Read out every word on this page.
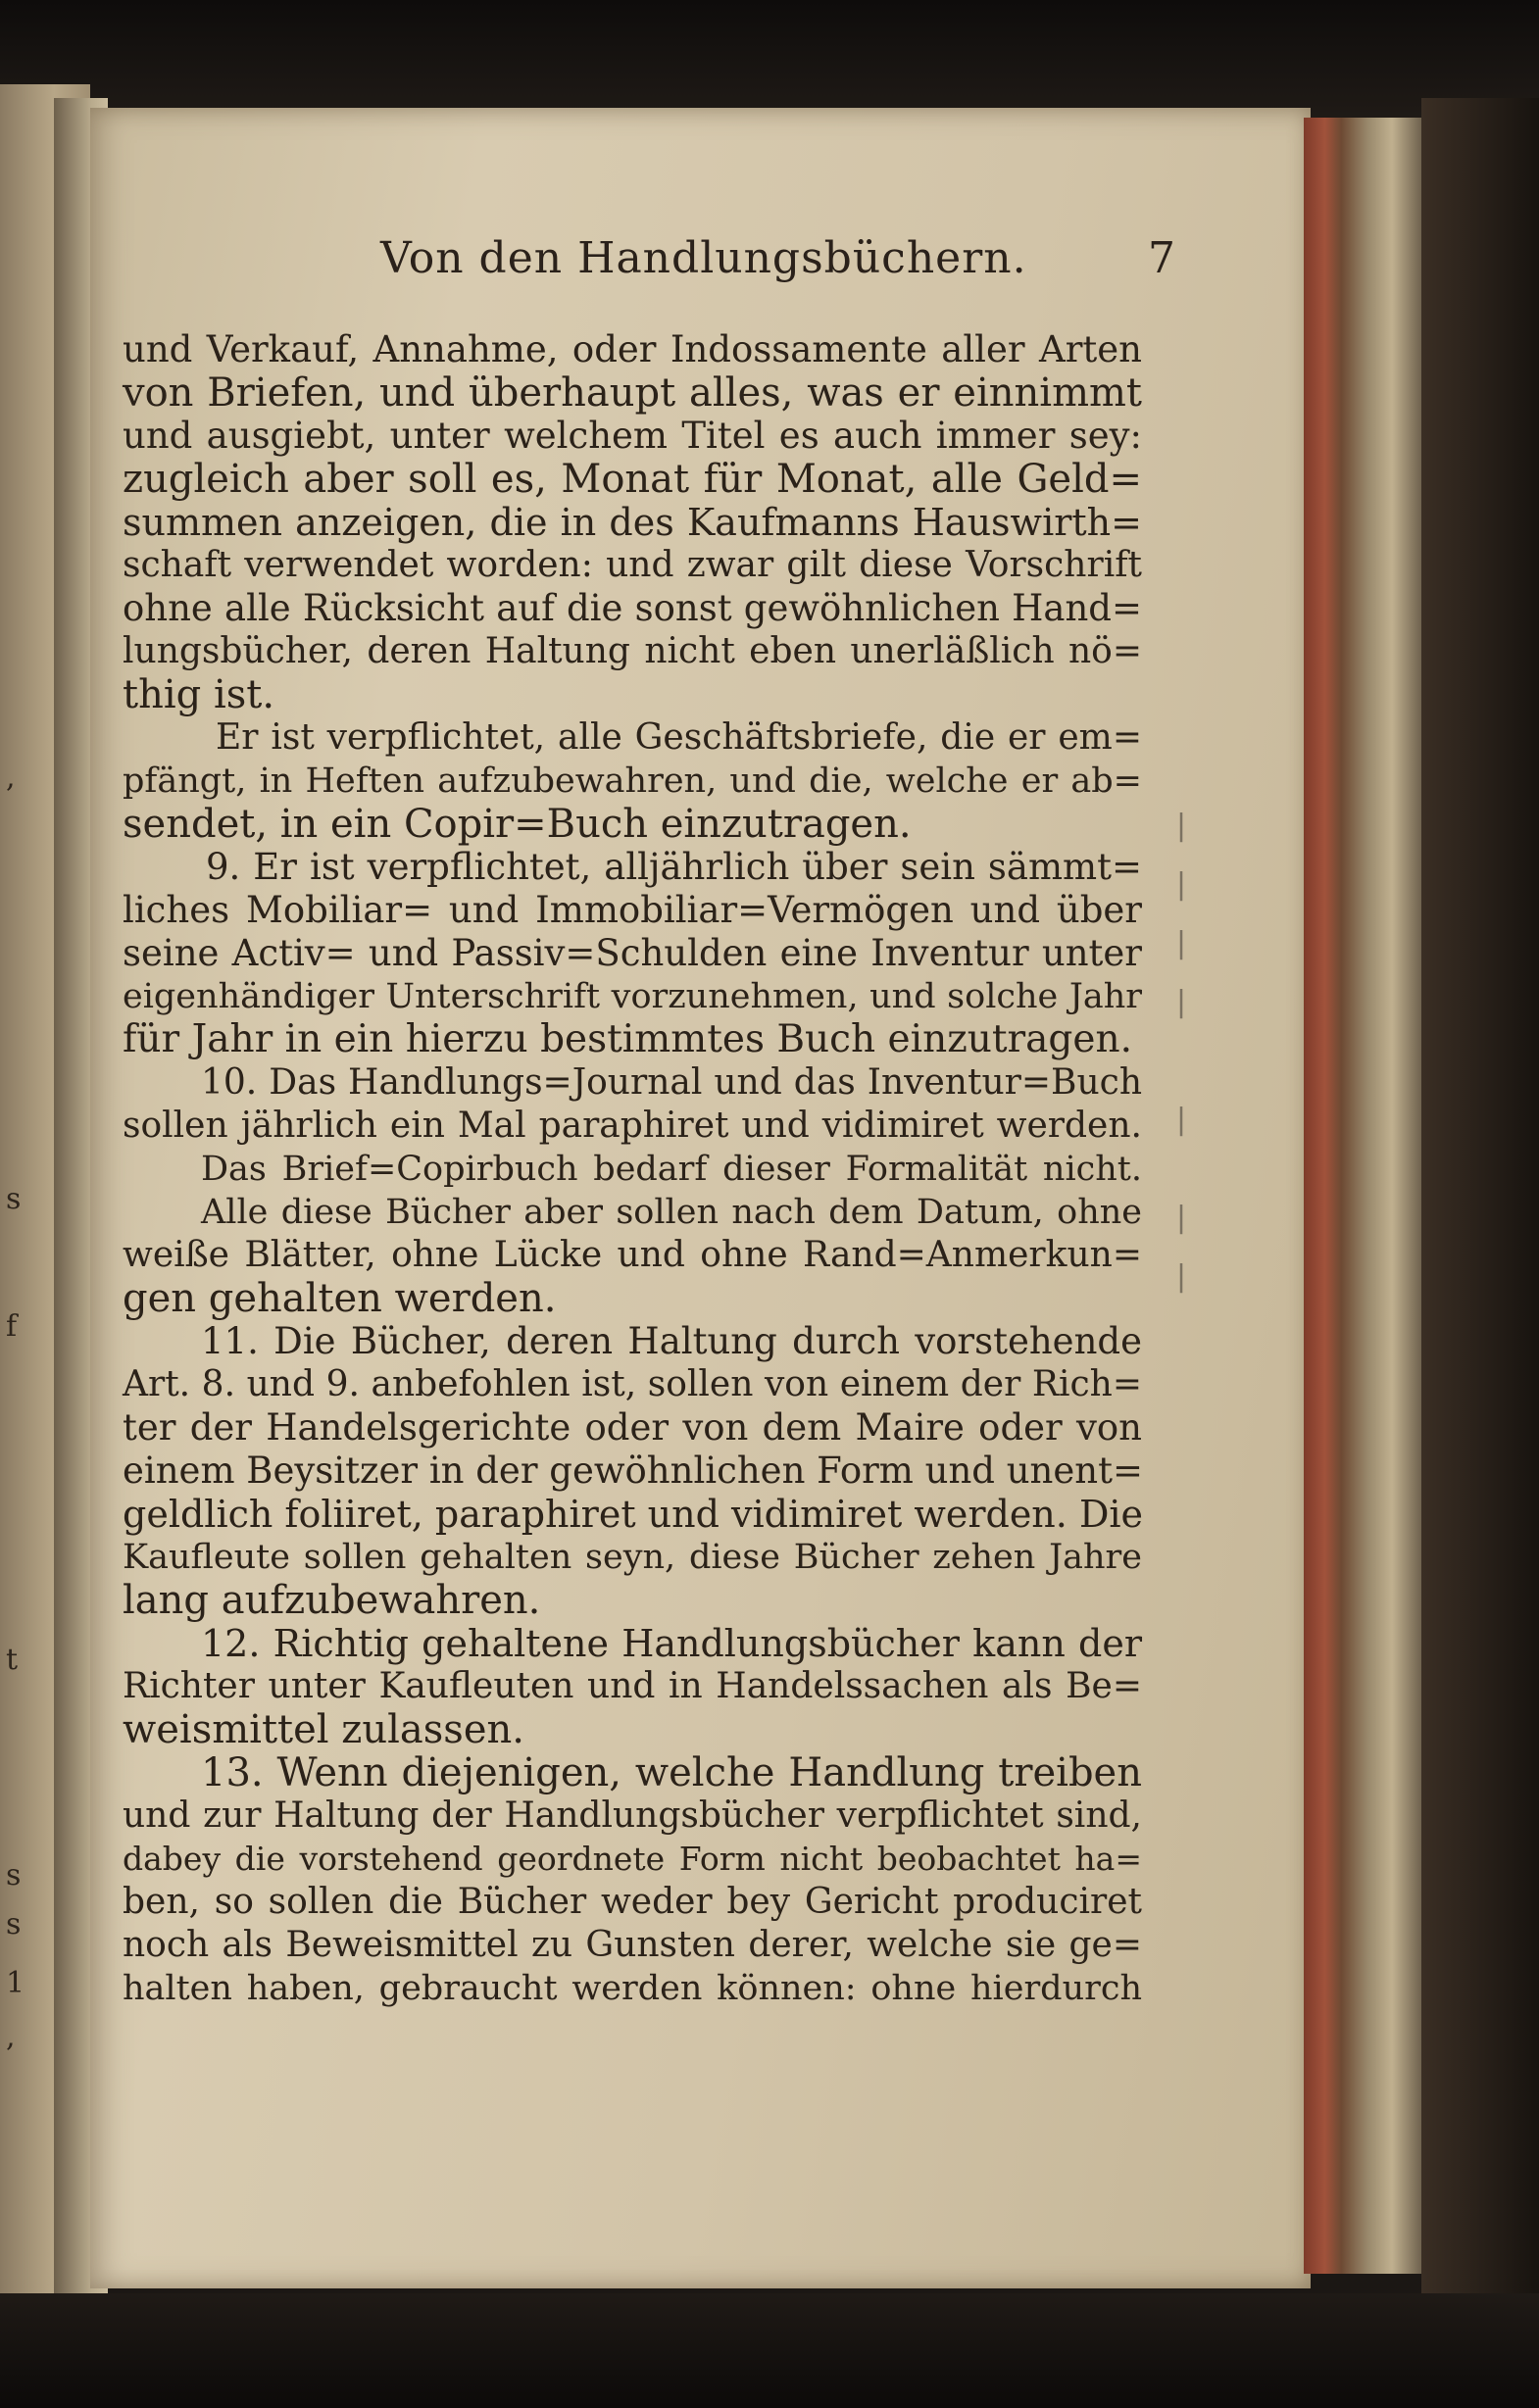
,
s
f
t
s
s
1
,
Von den Handlungsbüchern.	7
|
|
|
|
|
|
|
und Verkauf, Annahme, oder Indossamente aller Arten
von Briefen, und überhaupt alles, was er einnimmt
und ausgiebt, unter welchem Titel es auch immer sey:
zugleich aber soll es, Monat für Monat, alle Geld=
summen anzeigen, die in des Kaufmanns Hauswirth=
schaft verwendet worden: und zwar gilt diese Vorschrift
ohne alle Rücksicht auf die sonst gewöhnlichen Hand=
lungsbücher, deren Haltung nicht eben unerläßlich nö=
thig ist.
Er ist verpflichtet, alle Geschäftsbriefe, die er em=
pfängt, in Heften aufzubewahren, und die, welche er ab=
sendet, in ein Copir=Buch einzutragen.
9. Er ist verpflichtet, alljährlich über sein sämmt=
liches Mobiliar= und Immobiliar=Vermögen und über
seine Activ= und Passiv=Schulden eine Inventur unter
eigenhändiger Unterschrift vorzunehmen, und solche Jahr
für Jahr in ein hierzu bestimmtes Buch einzutragen.
10. Das Handlungs=Journal und das Inventur=Buch
sollen jährlich ein Mal paraphiret und vidimiret werden.
Das Brief=Copirbuch bedarf dieser Formalität nicht.
Alle diese Bücher aber sollen nach dem Datum, ohne
weiße Blätter, ohne Lücke und ohne Rand=Anmerkun=
gen gehalten werden.
11. Die Bücher, deren Haltung durch vorstehende
Art. 8. und 9. anbefohlen ist, sollen von einem der Rich=
ter der Handelsgerichte oder von dem Maire oder von
einem Beysitzer in der gewöhnlichen Form und unent=
geldlich foliiret, paraphiret und vidimiret werden. Die
Kaufleute sollen gehalten seyn, diese Bücher zehen Jahre
lang aufzubewahren.
12. Richtig gehaltene Handlungsbücher kann der
Richter unter Kaufleuten und in Handelssachen als Be=
weismittel zulassen.
13. Wenn diejenigen, welche Handlung treiben
und zur Haltung der Handlungsbücher verpflichtet sind,
dabey die vorstehend geordnete Form nicht beobachtet ha=
ben, so sollen die Bücher weder bey Gericht produciret
noch als Beweismittel zu Gunsten derer, welche sie ge=
halten haben, gebraucht werden können: ohne hierdurch
